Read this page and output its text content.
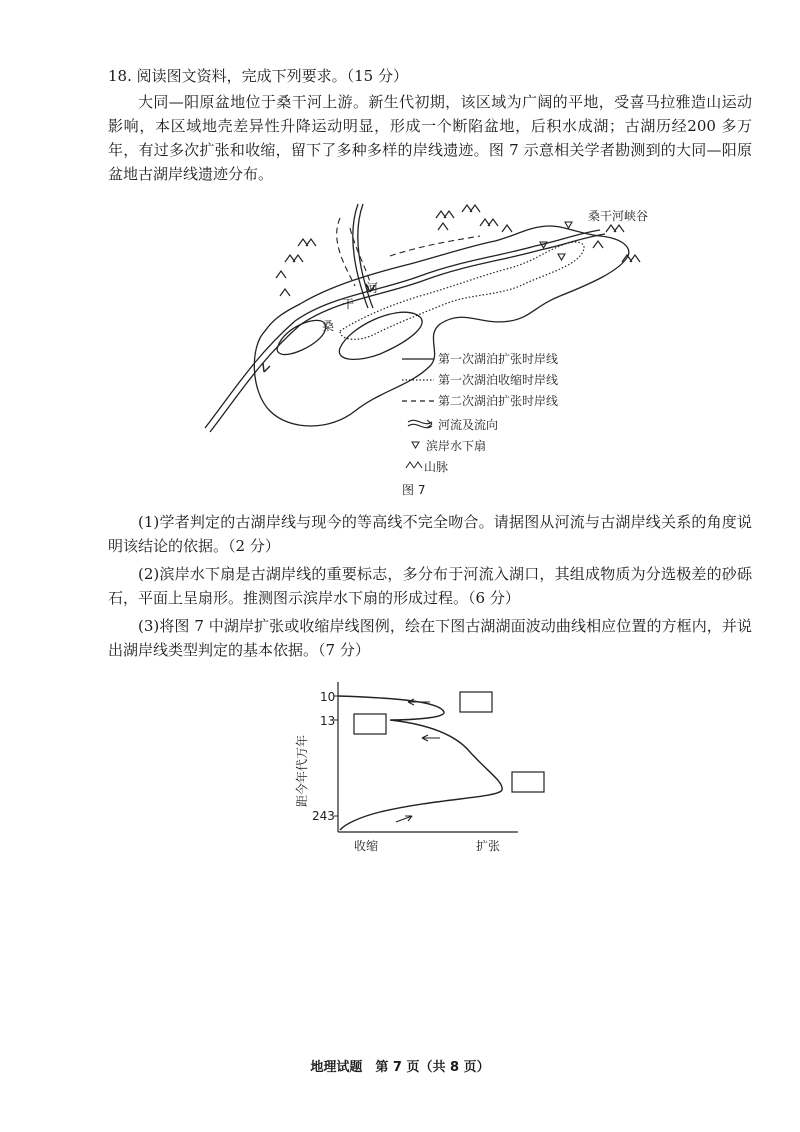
18. 阅读图文资料，完成下列要求。（15 分）
大同—阳原盆地位于桑干河上游。新生代初期，该区域为广阔的平地，受喜马拉雅造山运动影响，本区域地壳差异性升降运动明显，形成一个断陷盆地，后积水成湖；古湖历经200 多万年，有过多次扩张和收缩，留下了多种多样的岸线遗迹。图 7 示意相关学者勘测到的大同—阳原盆地古湖岸线遗迹分布。
桑干河峡谷
桑
干
河
第一次湖泊扩张时岸线
第一次湖泊收缩时岸线
第二次湖泊扩张时岸线
河流及流向
滨岸水下扇
山脉
图 7
(1)学者判定的古湖岸线与现今的等高线不完全吻合。请据图从河流与古湖岸线关系的角度说明该结论的依据。（2 分）
(2)滨岸水下扇是古湖岸线的重要标志，多分布于河流入湖口，其组成物质为分选极差的砂砾石，平面上呈扇形。推测图示滨岸水下扇的形成过程。（6 分）
(3)将图 7 中湖岸扩张或收缩岸线图例，绘在下图古湖湖面波动曲线相应位置的方框内，并说出湖岸线类型判定的基本依据。（7 分）
10
13
243
距今年代万年
收缩	扩张
地理试题　第 7 页（共 8 页）
